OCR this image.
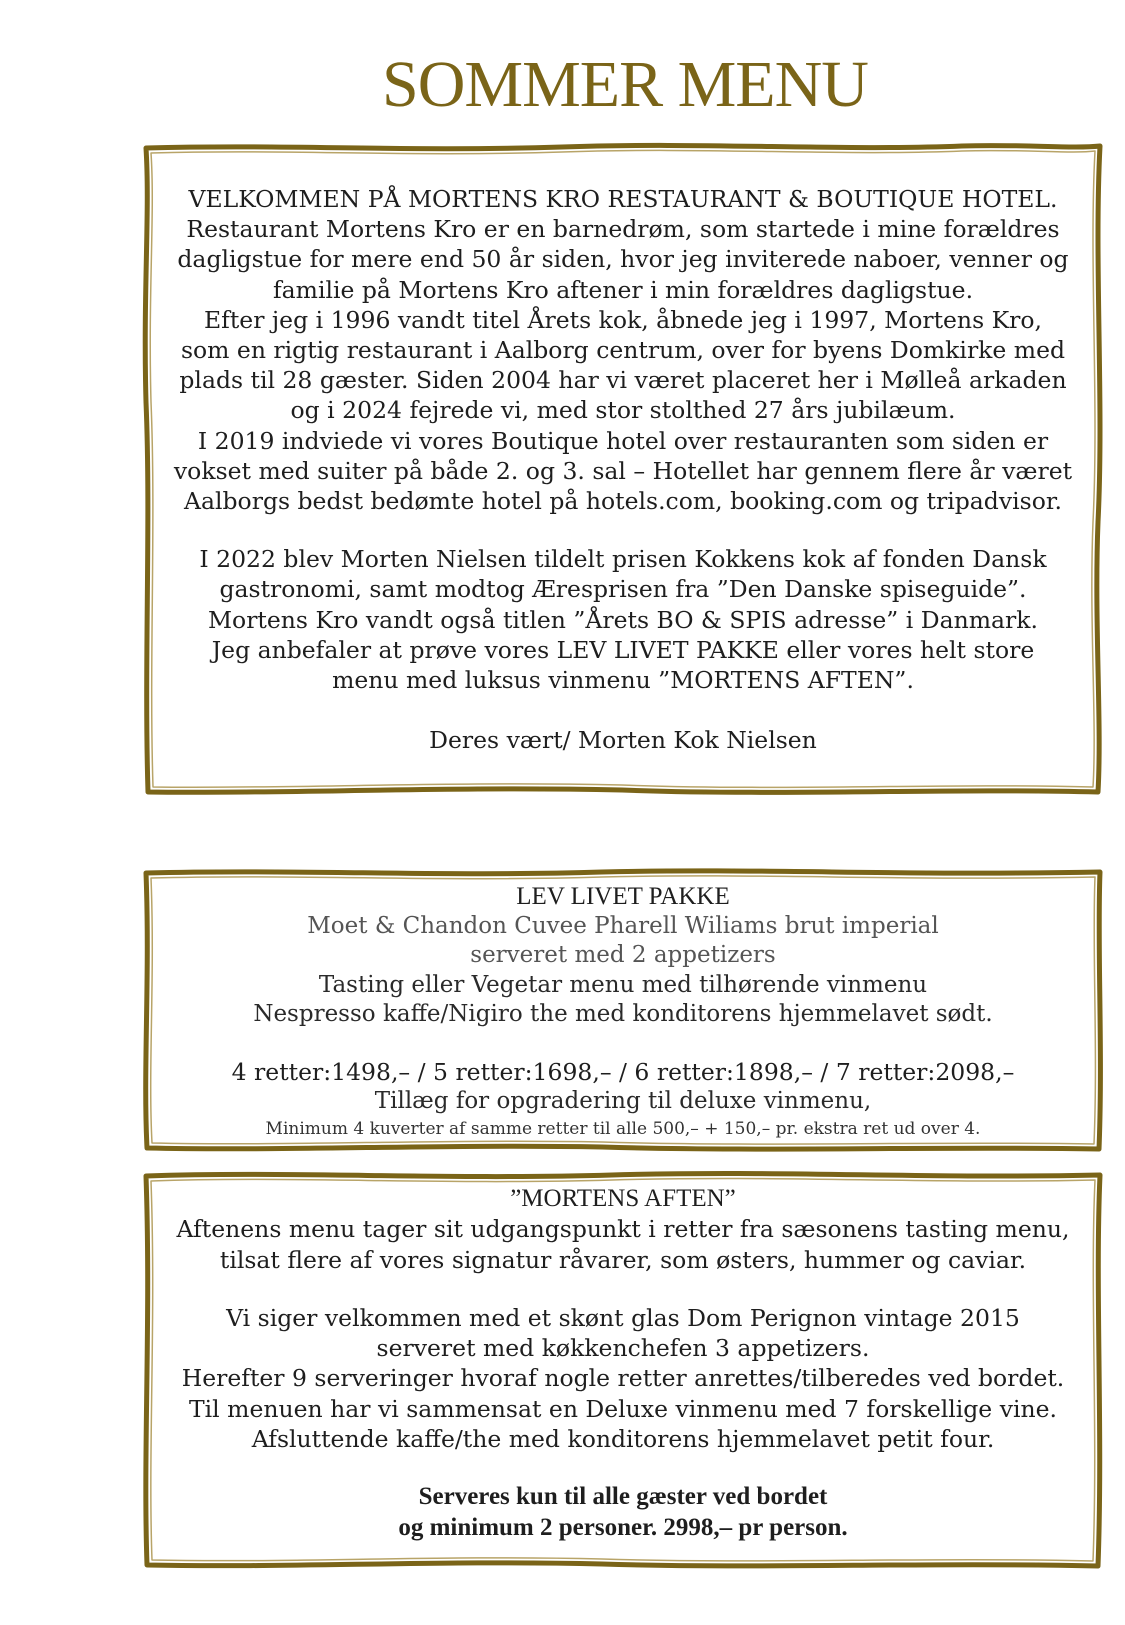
SOMMER MENU
VELKOMMEN PÅ MORTENS KRO RESTAURANT & BOUTIQUE HOTEL.
Restaurant Mortens Kro er en barnedrøm, som startede i mine forældres
dagligstue for mere end 50 år siden, hvor jeg inviterede naboer, venner og
familie på Mortens Kro aftener i min forældres dagligstue.
Efter jeg i 1996 vandt titel Årets kok, åbnede jeg i 1997, Mortens Kro,
som en rigtig restaurant i Aalborg centrum, over for byens Domkirke med
plads til 28 gæster. Siden 2004 har vi været placeret her i Mølleå arkaden
og i 2024 fejrede vi, med stor stolthed 27 års jubilæum.
I 2019 indviede vi vores Boutique hotel over restauranten som siden er
vokset med suiter på både 2. og 3. sal – Hotellet har gennem flere år været
Aalborgs bedst bedømte hotel på hotels.com, booking.com og tripadvisor.
I 2022 blev Morten Nielsen tildelt prisen Kokkens kok af fonden Dansk
gastronomi, samt modtog Æresprisen fra ”Den Danske spiseguide”.
Mortens Kro vandt også titlen ”Årets BO & SPIS adresse” i Danmark.
Jeg anbefaler at prøve vores LEV LIVET PAKKE eller vores helt store
menu med luksus vinmenu ”MORTENS AFTEN”.
Deres vært/ Morten Kok Nielsen
LEV LIVET PAKKE
Moet & Chandon Cuvee Pharell Wiliams brut imperial
serveret med 2 appetizers
Tasting eller Vegetar menu med tilhørende vinmenu
Nespresso kaffe/Nigiro the med konditorens hjemmelavet sødt.
4 retter:1498,– / 5 retter:1698,– / 6 retter:1898,– / 7 retter:2098,–
Tillæg for opgradering til deluxe vinmenu,
Minimum 4 kuverter af samme retter til alle 500,– + 150,– pr. ekstra ret ud over 4.
”MORTENS AFTEN”
Aftenens menu tager sit udgangspunkt i retter fra sæsonens tasting menu,
tilsat flere af vores signatur råvarer, som østers, hummer og caviar.
Vi siger velkommen med et skønt glas Dom Perignon vintage 2015
serveret med køkkenchefen 3 appetizers.
Herefter 9 serveringer hvoraf nogle retter anrettes/tilberedes ved bordet.
Til menuen har vi sammensat en Deluxe vinmenu med 7 forskellige vine.
Afsluttende kaffe/the med konditorens hjemmelavet petit four.
Serveres kun til alle gæster ved bordet
og minimum 2 personer. 2998,– pr person.
